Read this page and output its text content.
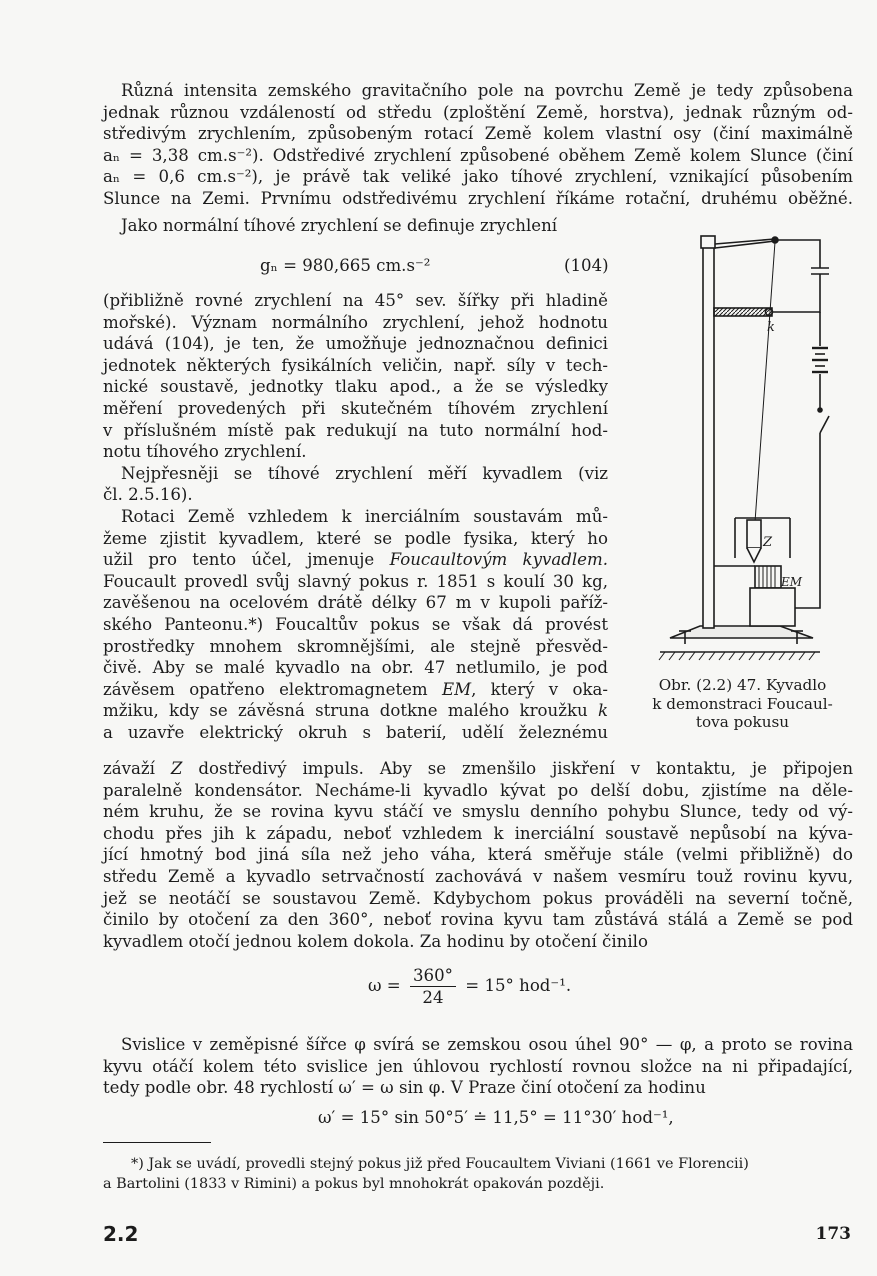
Různá intensita zemského gravitačního pole na povrchu Země je tedy způsobena
jednak různou vzdáleností od středu (zploštění Země, horstva), jednak různým od-
středivým zrychlením, způsobeným rotací Země kolem vlastní osy (činí maximálně
aₙ = 3,38 cm.s⁻²). Odstředivé zrychlení způsobené oběhem Země kolem Slunce (činí
aₙ = 0,6 cm.s⁻²), je právě tak veliké jako tíhové zrychlení, vznikající působením
Slunce na Zemi. Prvnímu odstředivému zrychlení říkáme rotační, druhému oběžné.
Jako normální tíhové zrychlení se definuje zrychlení
gₙ = 980,665 cm.s⁻²	(104)
(přibližně rovné zrychlení na 45° sev. šířky při hladině
mořské). Význam normálního zrychlení, jehož hodnotu
udává (104), je ten, že umožňuje jednoznačnou definici
jednotek některých fysikálních veličin, např. síly v tech-
nické soustavě, jednotky tlaku apod., a že se výsledky
měření provedených při skutečném tíhovém zrychlení
v příslušném místě pak redukují na tuto normální hod-
notu tíhového zrychlení.
Nejpřesněji se tíhové zrychlení měří kyvadlem (viz
čl. 2.5.16).
Rotaci Země vzhledem k inerciálním soustavám mů-
žeme zjistit kyvadlem, které se podle fysika, který ho
užil pro tento účel, jmenuje Foucaultovým kyvadlem.
Foucault provedl svůj slavný pokus r. 1851 s koulí 30 kg,
zavěšenou na ocelovém drátě délky 67 m v kupoli paříž-
ského Panteonu.*) Foucaltův pokus se však dá provést
prostředky mnohem skromnějšími, ale stejně přesvěd-
čivě. Aby se malé kyvadlo na obr. 47 netlumilo, je pod
závěsem opatřeno elektromagnetem EM, který v oka-
mžiku, kdy se závěsná struna dotkne malého kroužku k
a uzavře elektrický okruh s baterií, udělí železnému
závaží Z dostředivý impuls. Aby se zmenšilo jiskření v kontaktu, je připojen
paralelně kondensátor. Necháme-li kyvadlo kývat po delší dobu, zjistíme na děle-
ném kruhu, že se rovina kyvu stáčí ve smyslu denního pohybu Slunce, tedy od vý-
chodu přes jih k západu, neboť vzhledem k inerciální soustavě nepůsobí na kýva-
jící hmotný bod jiná síla než jeho váha, která směřuje stále (velmi přibližně) do
středu Země a kyvadlo setrvačností zachovává v našem vesmíru touž rovinu kyvu,
jež se neotáčí se soustavou Země. Kdybychom pokus prováděli na severní točně,
činilo by otočení za den 360°, neboť rovina kyvu tam zůstává stálá a Země se pod
kyvadlem otočí jednou kolem dokola. Za hodinu by otočení činilo
$\omega = \frac{360^\circ}{24} = 15^\circ$ hod⁻¹.
Svislice v zeměpisné šířce φ svírá se zemskou osou úhel 90° — φ, a proto se rovina
kyvu otáčí kolem této svislice jen úhlovou rychlostí rovnou složce na ni připadající,
tedy podle obr. 48 rychlostí ω′ = ω sin φ. V Praze činí otočení za hodinu
ω′ = 15° sin 50°5′ ≐ 11,5° = 11°30′ hod⁻¹,
k
Z
EM
Obr. (2.2) 47. Kyvadlo
k demonstraci Foucaul-
tova pokusu
*) Jak se uvádí, provedli stejný pokus již před Foucaultem Viviani (1661 ve Florencii)
a Bartolini (1833 v Rimini) a pokus byl mnohokrát opakován později.
2.2	173
